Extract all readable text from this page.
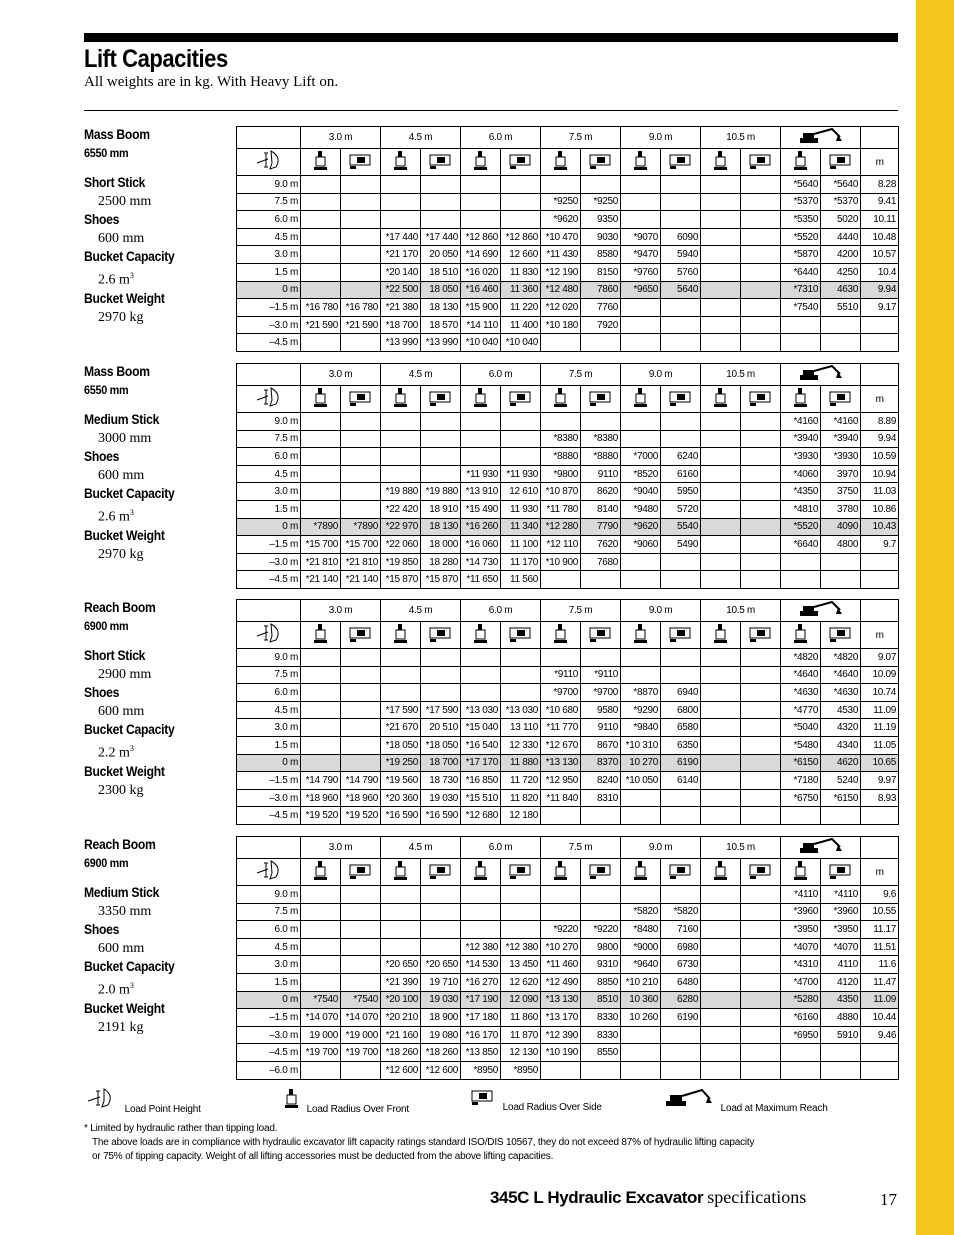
Lift Capacities
All weights are in kg. With Heavy Lift on.
Mass Boom
6550 mm
Short Stick
2500 mm
Shoes
600 mm
Bucket Capacity
2.6 $m^3$
Bucket Weight
2970 kg
	3.0 m		4.5 m		6.0 m		7.5 m		9.0 m		10.5 m		
															m
9.0 m													*5640	*5640	8.28
7.5 m							*9250	*9250					*5370	*5370	9.41
6.0 m							*9620	9350					*5350	5020	10.11
4.5 m			*17 440	*17 440	*12 860	*12 860	*10 470	9030	*9070	6090			*5520	4440	10.48
3.0 m			*21 170	20 050	*14 690	12 660	*11 430	8580	*9470	5940			*5870	4200	10.57
1.5 m			*20 140	18 510	*16 020	11 830	*12 190	8150	*9760	5760			*6440	4250	10.4
0 m			*22 500	18 050	*16 460	11 360	*12 480	7860	*9650	5640			*7310	4630	9.94
–1.5 m	*16 780	*16 780	*21 380	18 130	*15 900	11 220	*12 020	7760					*7540	5510	9.17
–3.0 m	*21 590	*21 590	*18 700	18 570	*14 110	11 400	*10 180	7920							
–4.5 m			*13 990	*13 990	*10 040	*10 040									
Mass Boom
6550 mm
Medium Stick
3000 mm
Shoes
600 mm
Bucket Capacity
2.6 $m^3$
Bucket Weight
2970 kg
	3.0 m		4.5 m		6.0 m		7.5 m		9.0 m		10.5 m		
															m
9.0 m													*4160	*4160	8.89
7.5 m							*8380	*8380					*3940	*3940	9.94
6.0 m							*8880	*8880	*7000	6240			*3930	*3930	10.59
4.5 m					*11 930	*11 930	*9800	9110	*8520	6160			*4060	3970	10.94
3.0 m			*19 880	*19 880	*13 910	12 610	*10 870	8620	*9040	5950			*4350	3750	11.03
1.5 m			*22 420	18 910	*15 490	11 930	*11 780	8140	*9480	5720			*4810	3780	10.86
0 m	*7890	*7890	*22 970	18 130	*16 260	11 340	*12 280	7790	*9620	5540			*5520	4090	10.43
–1.5 m	*15 700	*15 700	*22 060	18 000	*16 060	11 100	*12 110	7620	*9060	5490			*6640	4800	9.7
–3.0 m	*21 810	*21 810	*19 850	18 280	*14 730	11 170	*10 900	7680							
–4.5 m	*21 140	*21 140	*15 870	*15 870	*11 650	11 560									
Reach Boom
6900 mm
Short Stick
2900 mm
Shoes
600 mm
Bucket Capacity
2.2 $m^3$
Bucket Weight
2300 kg
	3.0 m		4.5 m		6.0 m		7.5 m		9.0 m		10.5 m		
															m
9.0 m													*4820	*4820	9.07
7.5 m							*9110	*9110					*4640	*4640	10.09
6.0 m							*9700	*9700	*8870	6940			*4630	*4630	10.74
4.5 m			*17 590	*17 590	*13 030	*13 030	*10 680	9580	*9290	6800			*4770	4530	11.09
3.0 m			*21 670	20 510	*15 040	13 110	*11 770	9110	*9840	6580			*5040	4320	11.19
1.5 m			*18 050	*18 050	*16 540	12 330	*12 670	8670	*10 310	6350			*5480	4340	11.05
0 m			*19 250	18 700	*17 170	11 880	*13 130	8370	10 270	6190			*6150	4620	10.65
–1.5 m	*14 790	*14 790	*19 560	18 730	*16 850	11 720	*12 950	8240	*10 050	6140			*7180	5240	9.97
–3.0 m	*18 960	*18 960	*20 360	19 030	*15 510	11 820	*11 840	8310					*6750	*6150	8.93
–4.5 m	*19 520	*19 520	*16 590	*16 590	*12 680	12 180									
Reach Boom
6900 mm
Medium Stick
3350 mm
Shoes
600 mm
Bucket Capacity
2.0 $m^3$
Bucket Weight
2191 kg
	3.0 m		4.5 m		6.0 m		7.5 m		9.0 m		10.5 m		
															m
9.0 m													*4110	*4110	9.6
7.5 m									*5820	*5820			*3960	*3960	10.55
6.0 m							*9220	*9220	*8480	7160			*3950	*3950	11.17
4.5 m					*12 380	*12 380	*10 270	9800	*9000	6980			*4070	*4070	11.51
3.0 m			*20 650	*20 650	*14 530	13 450	*11 460	9310	*9640	6730			*4310	4110	11.6
1.5 m			*21 390	19 710	*16 270	12 620	*12 490	8850	*10 210	6480			*4700	4120	11.47
0 m	*7540	*7540	*20 100	19 030	*17 190	12 090	*13 130	8510	10 360	6280			*5280	4350	11.09
–1.5 m	*14 070	*14 070	*20 210	18 900	*17 180	11 860	*13 170	8330	10 260	6190			*6160	4880	10.44
–3.0 m	19 000	*19 000	*21 160	19 080	*16 170	11 870	*12 390	8330					*6950	5910	9.46
–4.5 m	*19 700	*19 700	*18 260	*18 260	*13 850	12 130	*10 190	8550							
–6.0 m			*12 600	*12 600	*8950	*8950									
Load Point Height	Load Radius Over Front	Load Radius Over Side	Load at Maximum Reach
* Limited by hydraulic rather than tipping load.
The above loads are in compliance with hydraulic excavator lift capacity ratings standard ISO/DIS 10567, they do not exceed 87% of hydraulic lifting capacity
or 75% of tipping capacity. Weight of all lifting accessories must be deducted from the above lifting capacities.
345C L Hydraulic Excavator specifications	17
